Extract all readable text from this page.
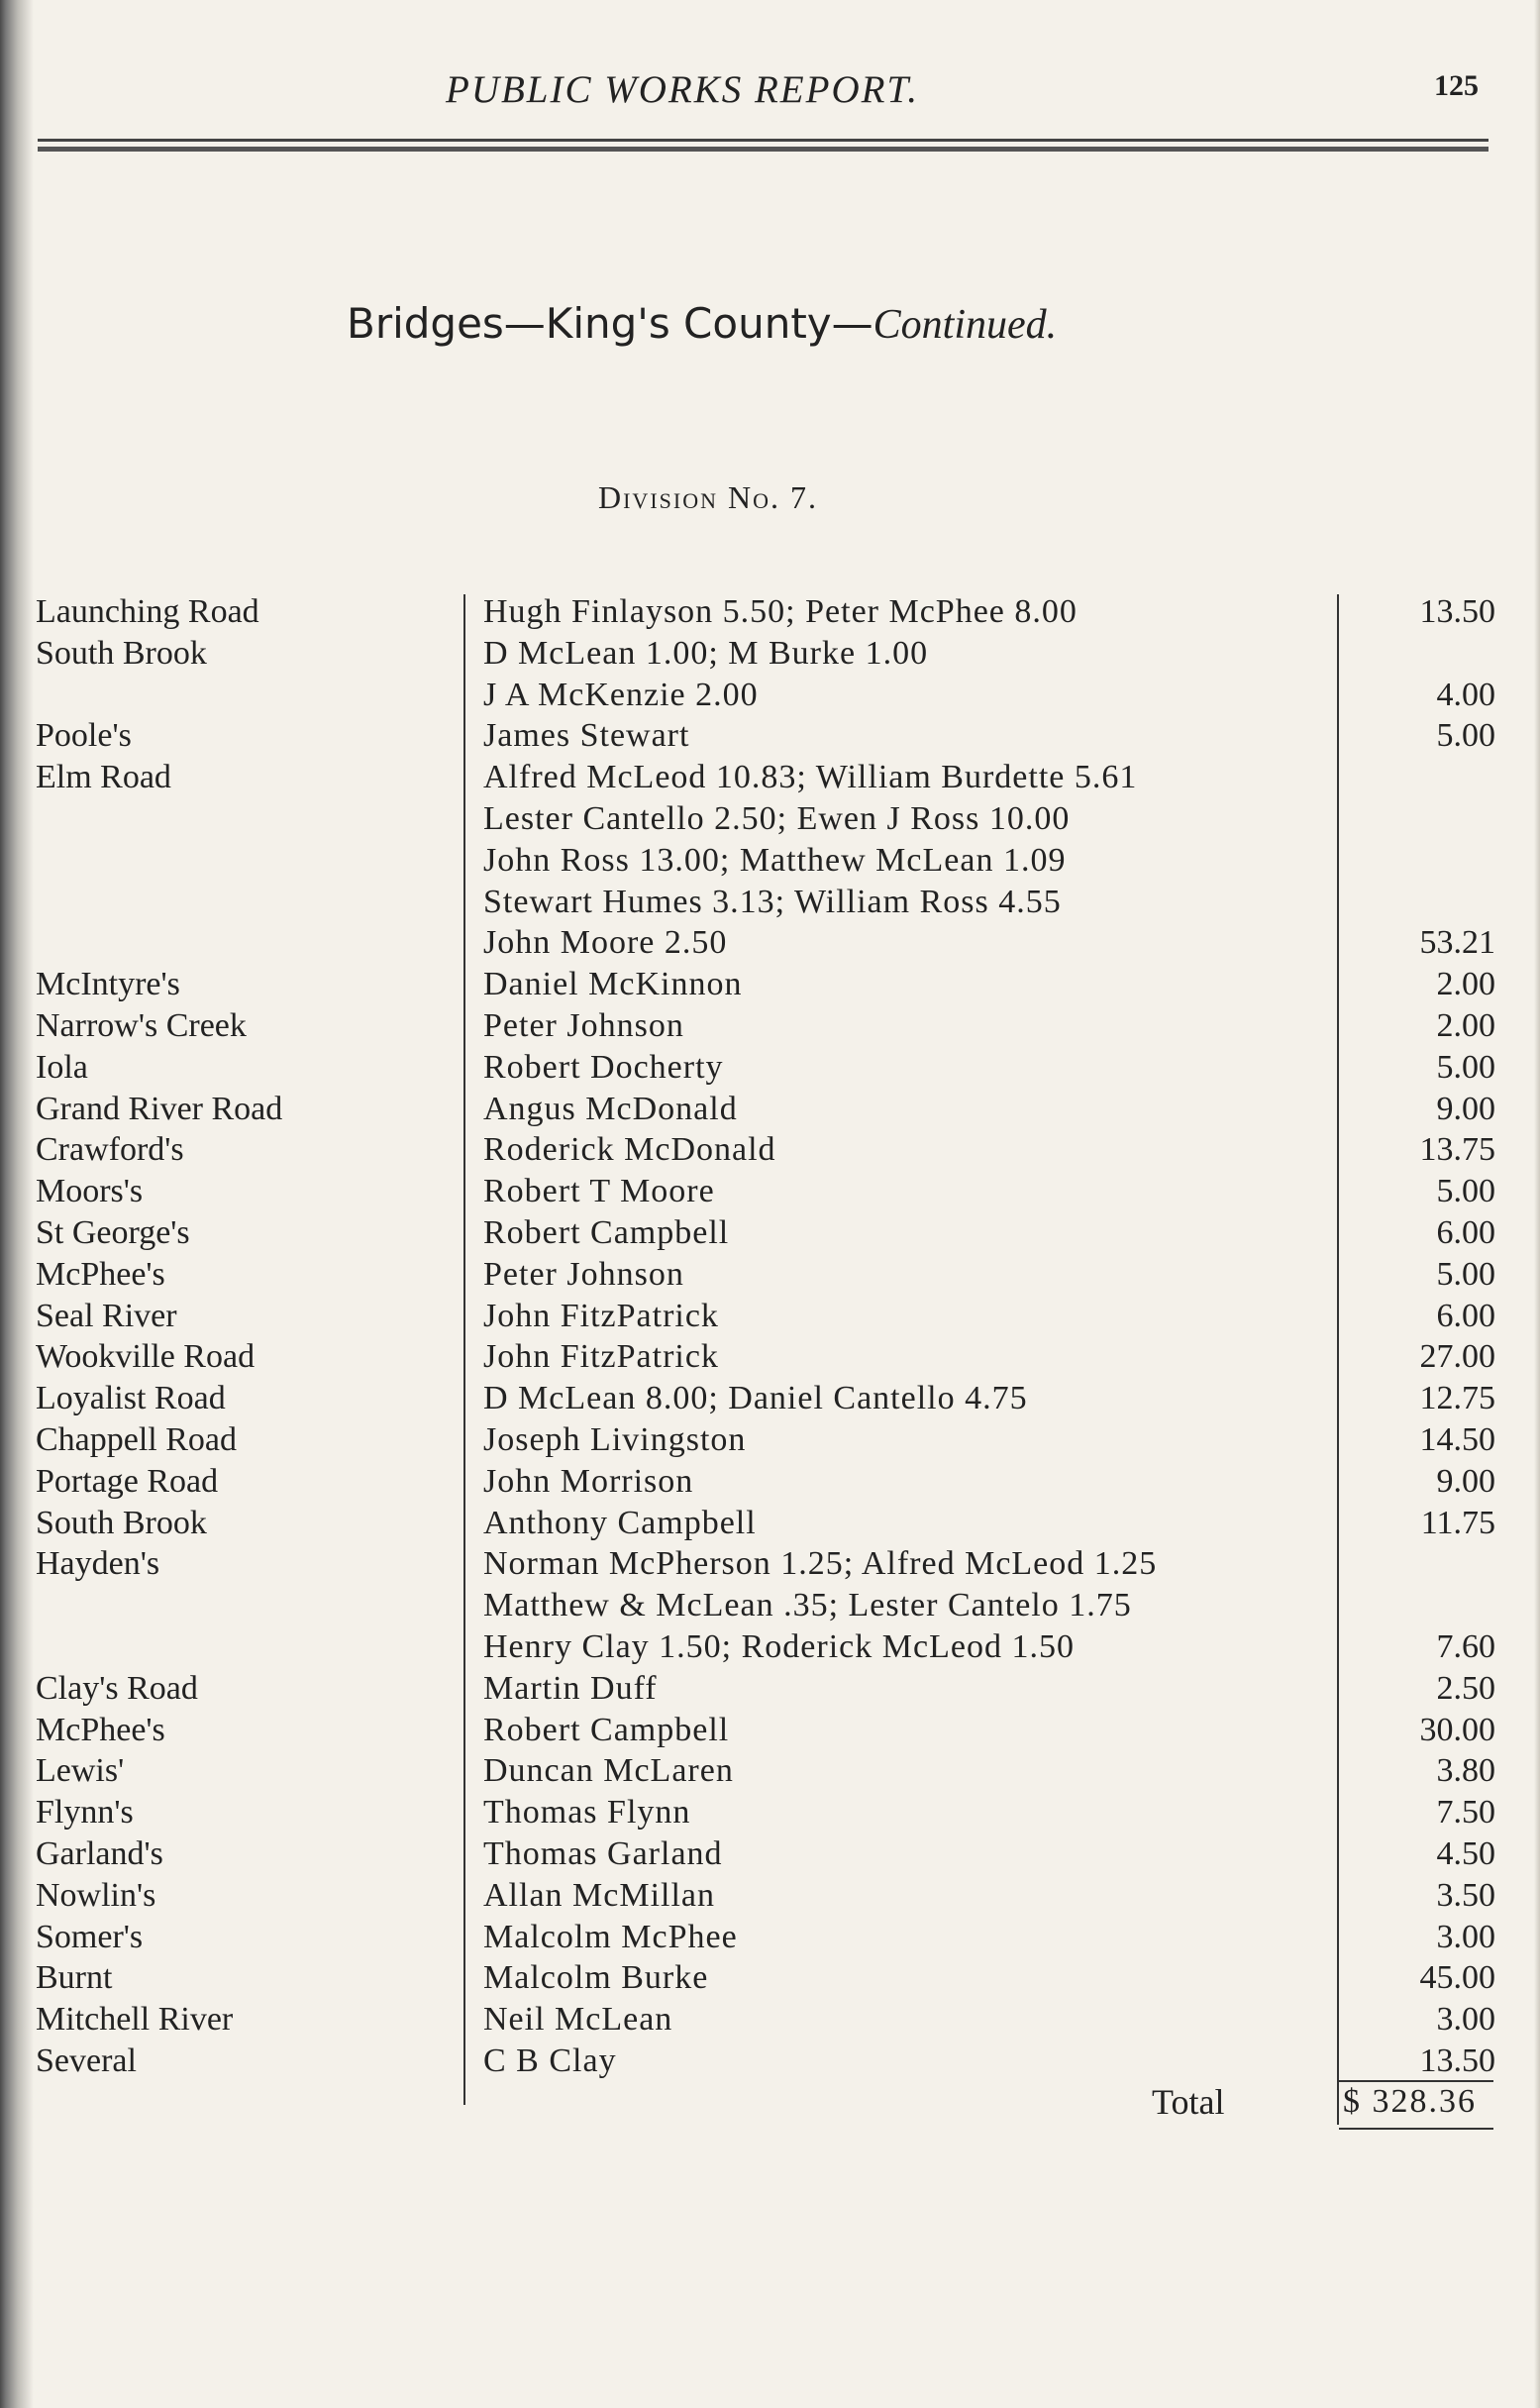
PUBLIC WORKS REPORT.	125
Bridges—King's County—Continued.
Division No. 7.
Launching Road	Hugh Finlayson 5.50; Peter McPhee 8.00	13.50
South Brook	D McLean 1.00; M Burke 1.00
J A McKenzie 2.00	4.00
Poole's	James Stewart	5.00
Elm Road	Alfred McLeod 10.83; William Burdette 5.61
Lester Cantello 2.50; Ewen J Ross 10.00
John Ross 13.00; Matthew McLean 1.09
Stewart Humes 3.13; William Ross 4.55
John Moore 2.50	53.21
McIntyre's	Daniel McKinnon	2.00
Narrow's Creek	Peter Johnson	2.00
Iola	Robert Docherty	5.00
Grand River Road	Angus McDonald	9.00
Crawford's	Roderick McDonald	13.75
Moors's	Robert T Moore	5.00
St George's	Robert Campbell	6.00
McPhee's	Peter Johnson	5.00
Seal River	John FitzPatrick	6.00
Wookville Road	John FitzPatrick	27.00
Loyalist Road	D McLean 8.00; Daniel Cantello 4.75	12.75
Chappell Road	Joseph Livingston	14.50
Portage Road	John Morrison	9.00
South Brook	Anthony Campbell	11.75
Hayden's	Norman McPherson 1.25; Alfred McLeod 1.25
Matthew & McLean .35; Lester Cantelo 1.75
Henry Clay 1.50; Roderick McLeod 1.50	7.60
Clay's Road	Martin Duff	2.50
McPhee's	Robert Campbell	30.00
Lewis'	Duncan McLaren	3.80
Flynn's	Thomas Flynn	7.50
Garland's	Thomas Garland	4.50
Nowlin's	Allan McMillan	3.50
Somer's	Malcolm McPhee	3.00
Burnt	Malcolm Burke	45.00
Mitchell River	Neil McLean	3.00
Several	C B Clay	13.50
Total	$ 328.36
